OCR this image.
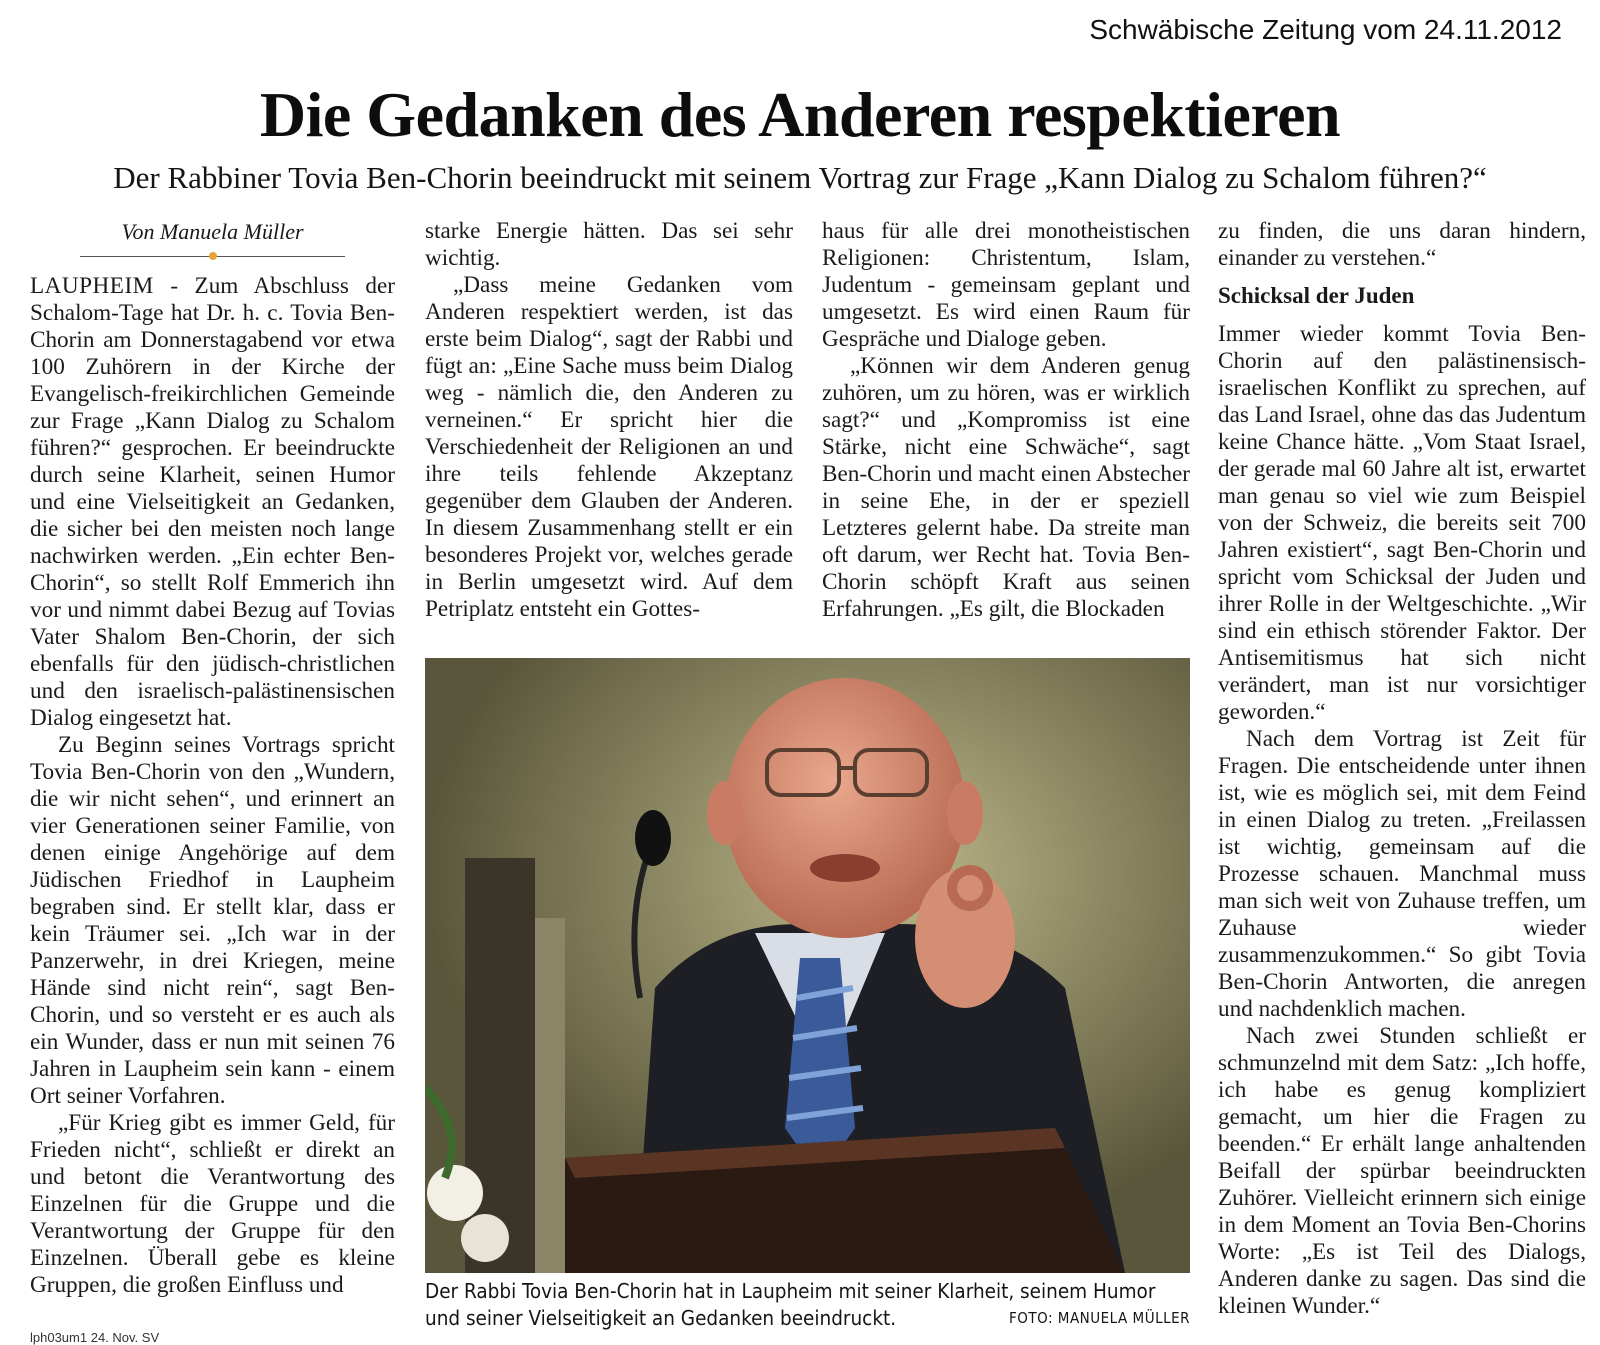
Schwäbische Zeitung vom 24.11.2012
Die Gedanken des Anderen respektieren
Der Rabbiner Tovia Ben-Chorin beeindruckt mit seinem Vortrag zur Frage „Kann Dialog zu Schalom führen?“
Von Manuela Müller

LAUPHEIM - Zum Abschluss der Schalom-Tage hat Dr. h. c. Tovia Ben-Chorin am Donnerstagabend vor etwa 100 Zuhörern in der Kirche der Evangelisch-freikirchlichen Gemeinde zur Frage „Kann Dialog zu Schalom führen?“ gesprochen. Er beeindruckte durch seine Klarheit, seinen Humor und eine Vielseitigkeit an Gedanken, die sicher bei den meisten noch lange nachwirken werden. „Ein echter Ben-Chorin“, so stellt Rolf Emmerich ihn vor und nimmt dabei Bezug auf Tovias Vater Shalom Ben-Chorin, der sich ebenfalls für den jüdisch-christlichen und den israelisch-palästinensischen Dialog eingesetzt hat.

Zu Beginn seines Vortrags spricht Tovia Ben-Chorin von den „Wundern, die wir nicht sehen“, und erinnert an vier Generationen seiner Familie, von denen einige Angehörige auf dem Jüdischen Friedhof in Laupheim begraben sind. Er stellt klar, dass er kein Träumer sei. „Ich war in der Panzerwehr, in drei Kriegen, meine Hände sind nicht rein“, sagt Ben-Chorin, und so versteht er es auch als ein Wunder, dass er nun mit seinen 76 Jahren in Laupheim sein kann - einem Ort seiner Vorfahren.

„Für Krieg gibt es immer Geld, für Frieden nicht“, schließt er direkt an und betont die Verantwortung des Einzelnen für die Gruppe und die Verantwortung der Gruppe für den Einzelnen. Überall gebe es kleine Gruppen, die großen Einfluss und

starke Energie hätten. Das sei sehr wichtig.

„Dass meine Gedanken vom Anderen respektiert werden, ist das erste beim Dialog“, sagt der Rabbi und fügt an: „Eine Sache muss beim Dialog weg - nämlich die, den Anderen zu verneinen.“ Er spricht hier die Verschiedenheit der Religionen an und ihre teils fehlende Akzeptanz gegenüber dem Glauben der Anderen. In diesem Zusammenhang stellt er ein besonderes Projekt vor, welches gerade in Berlin umgesetzt wird. Auf dem Petriplatz entsteht ein Gottes-

haus für alle drei monotheistischen Religionen: Christentum, Islam, Judentum - gemeinsam geplant und umgesetzt. Es wird einen Raum für Gespräche und Dialoge geben.

„Können wir dem Anderen genug zuhören, um zu hören, was er wirklich sagt?“ und „Kompromiss ist eine Stärke, nicht eine Schwäche“, sagt Ben-Chorin und macht einen Abstecher in seine Ehe, in der er speziell Letzteres gelernt habe. Da streite man oft darum, wer Recht hat. Tovia Ben-Chorin schöpft Kraft aus seinen Erfahrungen. „Es gilt, die Blockaden

zu finden, die uns daran hindern, einander zu verstehen.“

Schicksal der Juden

Immer wieder kommt Tovia Ben-Chorin auf den palästinensisch-israelischen Konflikt zu sprechen, auf das Land Israel, ohne das das Judentum keine Chance hätte. „Vom Staat Israel, der gerade mal 60 Jahre alt ist, erwartet man genau so viel wie zum Beispiel von der Schweiz, die bereits seit 700 Jahren existiert“, sagt Ben-Chorin und spricht vom Schicksal der Juden und ihrer Rolle in der Weltgeschichte. „Wir sind ein ethisch störender Faktor. Der Antisemitismus hat sich nicht verändert, man ist nur vorsichtiger geworden.“

Nach dem Vortrag ist Zeit für Fragen. Die entscheidende unter ihnen ist, wie es möglich sei, mit dem Feind in einen Dialog zu treten. „Freilassen ist wichtig, gemeinsam auf die Prozesse schauen. Manchmal muss man sich weit von Zuhause treffen, um Zuhause wieder zusammenzukommen.“ So gibt Tovia Ben-Chorin Antworten, die anregen und nachdenklich machen.

Nach zwei Stunden schließt er schmunzelnd mit dem Satz: „Ich hoffe, ich habe es genug kompliziert gemacht, um hier die Fragen zu beenden.“ Er erhält lange anhaltenden Beifall der spürbar beeindruckten Zuhörer. Vielleicht erinnern sich einige in dem Moment an Tovia Ben-Chorins Worte: „Es ist Teil des Dialogs, Anderen danke zu sagen. Das sind die kleinen Wunder.“

Der Rabbi Tovia Ben-Chorin hat in Laupheim mit seiner Klarheit, seinem Humor und seiner Vielseitigkeit an Gedanken beeindruckt.	FOTO: MANUELA MÜLLER
lph03um1 24. Nov. SV
